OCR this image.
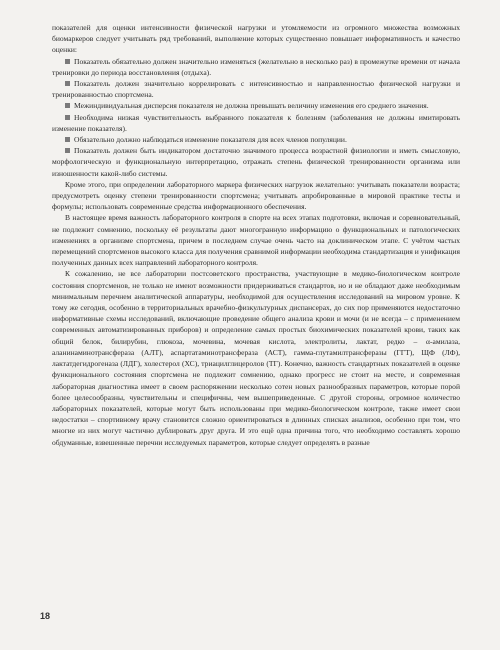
показателей для оценки интенсивности физической нагрузки и утомляемости из огромного множества возможных биомаркеров следует учитывать ряд требований, выполнение которых существенно повышает информативность и качество оценки:

Показатель обязательно должен значительно изменяться (желательно в несколько раз) в промежутке времени от начала тренировки до периода восстановления (отдыха).

Показатель должен значительно коррелировать с интенсивностью и направленностью физической нагрузки и тренированностью спортсмена.

Межиндивидуальная дисперсия показателя не должна превышать величину изменения его среднего значения.

Необходима низкая чувствительность выбранного показателя к болезням (заболевания не должны имитировать изменение показателя).

Обязательно должно наблюдаться изменение показателя для всех членов популяции.

Показатель должен быть индикатором достаточно значимого процесса возрастной физиологии и иметь смысловую, морфологическую и функциональную интерпретацию, отражать степень физической тренированности организма или изношенности какой-либо системы.

Кроме этого, при определении лабораторного маркера физических нагрузок желательно: учитывать показатели возраста; предусмотреть оценку степени тренированности спортсмена; учитывать апробированные в мировой практике тесты и формулы; использовать современные средства информационного обеспечения.

В настоящее время важность лабораторного контроля в спорте на всех этапах подготовки, включая и соревновательный, не подлежит сомнению, поскольку её результаты дают многогранную информацию о функциональных и патологических изменениях в организме спортсмена, причем в последнем случае очень часто на доклиническом этапе. С учётом частых перемещений спортсменов высокого класса для получения сравнимой информации необходима стандартизация и унификация полученных данных всех направлений лабораторного контроля.

К сожалению, не все лаборатории постсоветского пространства, участвующие в медико-биологическом контроле состояния спортсменов, не только не имеют возможности придерживаться стандартов, но и не обладают даже необходимым минимальным перечнем аналитической аппаратуры, необходимой для осуществления исследований на мировом уровне. К тому же сегодня, особенно в территориальных врачебно-физкультурных диспансерах, до сих пор применяются недостаточно информативные схемы исследований, включающие проведение общего анализа крови и мочи (и не всегда – с применением современных автоматизированных приборов) и определение самых простых биохимических показателей крови, таких как общий белок, билирубин, глюкоза, мочевина, мочевая кислота, электролиты, лактат, редко – α-амилаза, аланинаминотрансфераза (АЛТ), аспартатаминотрансфераза (АСТ), гамма-глутамилтрансферазы (ГГТ), ЩФ (ЛФ), лактатдегидрогеназа (ЛДГ), холестерол (ХС), триацилглицеролов (ТГ). Конечно, важность стандартных показателей в оценке функционального состояния спортсмена не подлежит сомнению, однако прогресс не стоит на месте, и современная лабораторная диагностика имеет в своем распоряжении несколько сотен новых разнообразных параметров, которые порой более целесообразны, чувствительны и специфичны, чем вышеприведенные. С другой стороны, огромное количество лабораторных показателей, которые могут быть использованы при медико-биологическом контроле, также имеет свои недостатки – спортивному врачу становится сложно ориентироваться в длинных списках анализов, особенно при том, что многие из них могут частично дублировать друг друга. И это ещё одна причина того, что необходимо составлять хорошо обдуманные, взвешенные перечни исследуемых параметров, которые следует определять в разные

18
